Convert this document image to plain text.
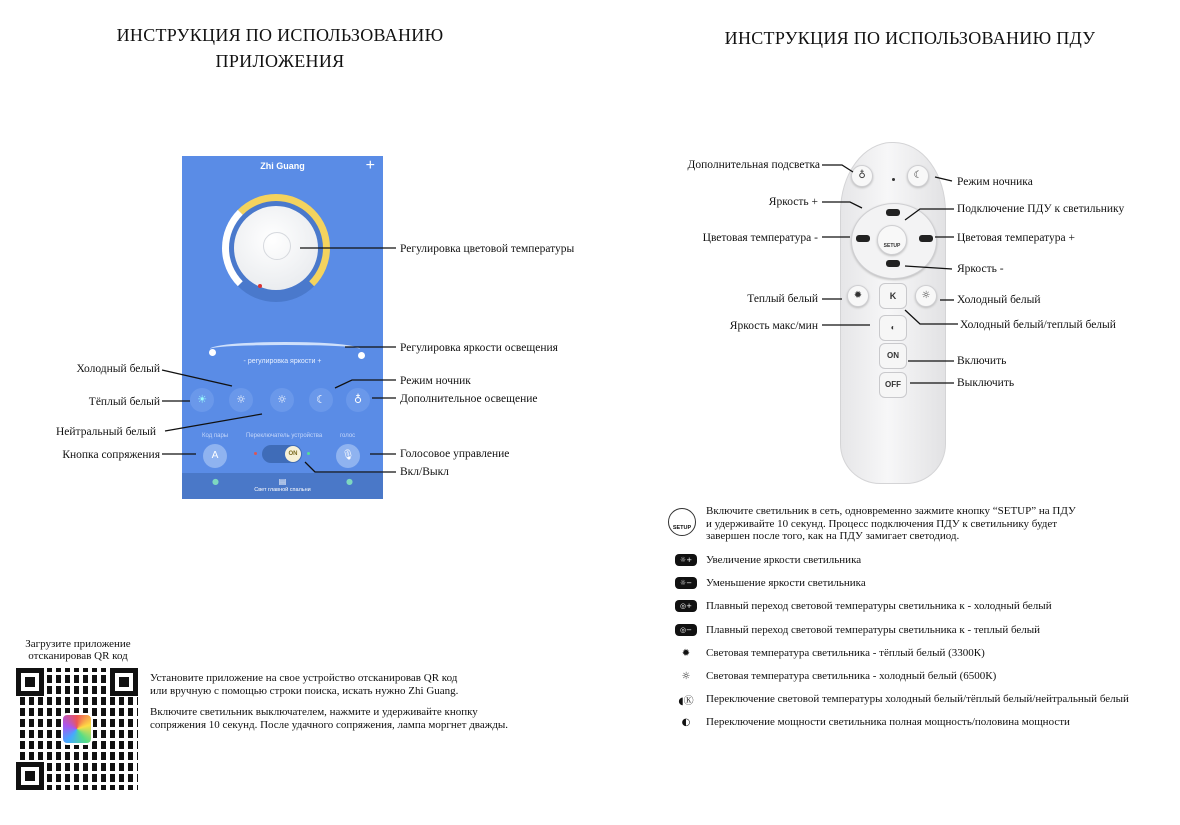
ИНСТРУКЦИЯ ПО ИСПОЛЬЗОВАНИЮ
ПРИЛОЖЕНИЯ
Zhi Guang	+
- регулировка яркости +
☀	☼	☼	☾	♁
Код пары	Переключатель устройства	голос
A	ON	🎙
●	▤	●
Свет главной спальни
Регулировка цветовой температуры
Регулировка яркости освещения
Режим ночник
Дополнительное освещение
Голосовое управление
Вкл/Выкл
Холодный белый
Тёплый белый
Нейтральный белый
Кнопка сопряжения
Загрузите приложение
отсканировав QR код
Установите приложение на свое устройство отсканировав QR код
или вручную с помощью строки поиска, искать нужно Zhi Guang.
Включите светильник выключателем, нажмите и удерживайте кнопку
сопряжения 10 секунд. После удачного сопряжения, лампа моргнет дважды.
ИНСТРУКЦИЯ ПО ИСПОЛЬЗОВАНИЮ ПДУ
♁	☾
SETUP
✹	K	☼
◐
ON
OFF
Дополнительная подсветка
Яркость +
Цветовая температура -
Теплый белый
Яркость макс/мин
Режим ночника
Подключение ПДУ к светильнику
Цветовая температура +
Яркость -
Холодный белый
Холодный белый/теплый белый
Включить
Выключить
SETUP
Включите светильник в сеть, одновременно зажмите кнопку “SETUP” на ПДУ
и удерживайте 10 секунд. Процесс подключения ПДУ к светильнику будет
завершен после того, как на ПДУ замигает светодиод.
☼+	Увеличение яркости светильника
☼−	Уменьшение яркости светильника
◎+	Плавный переход световой температуры светильника к - холодный белый
◎−	Плавный переход световой температуры светильника к - теплый белый
✹	Световая температура светильника - тёплый белый (3300К)
☼	Световая температура светильника - холодный белый (6500К)
◖Ⓚ	Переключение световой температуры холодный белый/тёплый белый/нейтральный белый
◐	Переключение мощности светильника полная мощность/половина мощности
